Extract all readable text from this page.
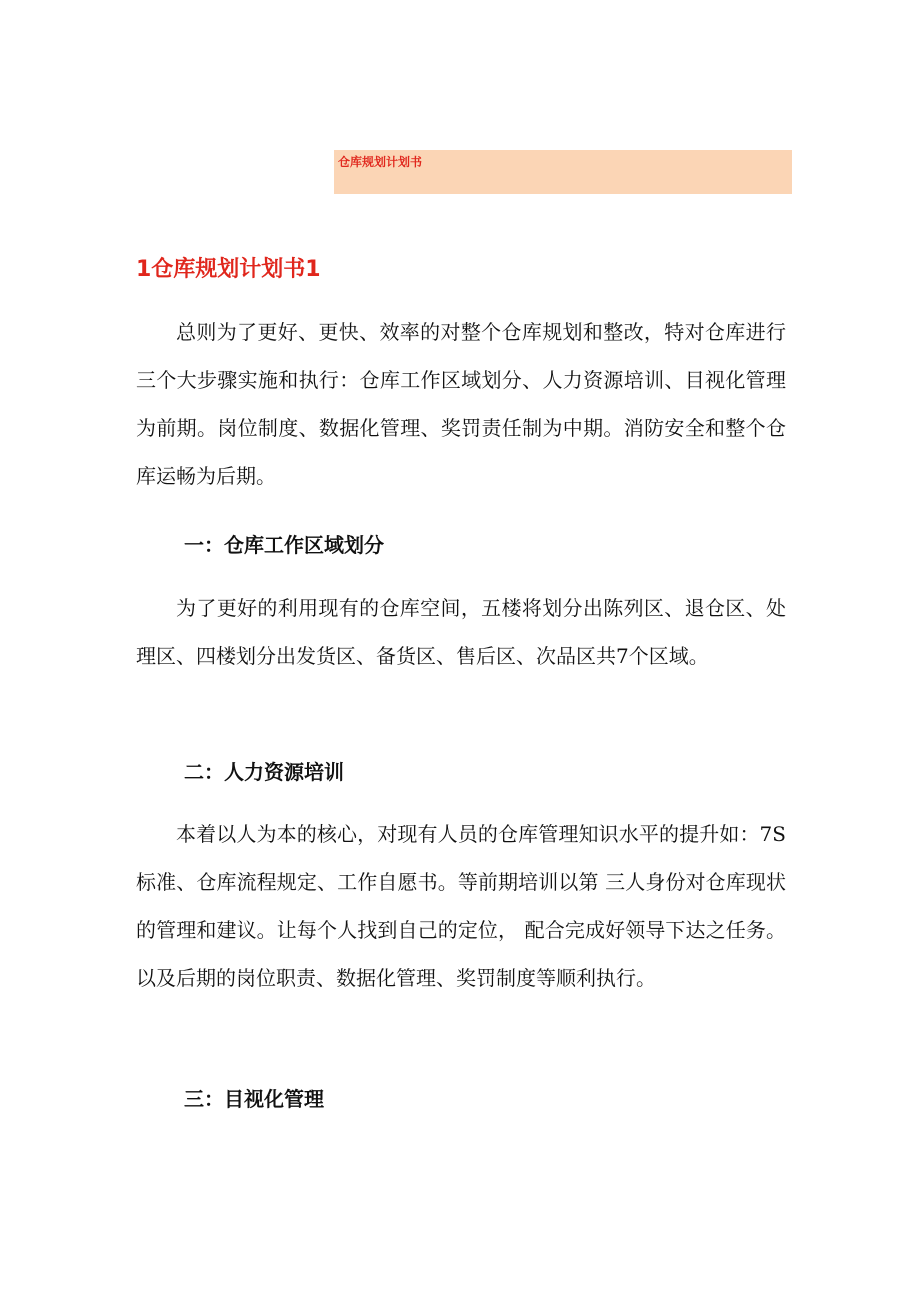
仓库规划计划书
1仓库规划计划书1

总则为了更好、更快、效率的对整个仓库规划和整改，特对仓库进行三个大步骤实施和执行：仓库工作区域划分、人力资源培训、目视化管理为前期。岗位制度、数据化管理、奖罚责任制为中期。消防安全和整个仓库运畅为后期。

一：仓库工作区域划分

为了更好的利用现有的仓库空间，五楼将划分出陈列区、退仓区、处理区、四楼划分出发货区、备货区、售后区、次品区共7个区域。

二：人力资源培训

本着以人为本的核心，对现有人员的仓库管理知识水平的提升如：7S标准、仓库流程规定、工作自愿书。等前期培训以第 三人身份对仓库现状的管理和建议。让每个人找到自己的定位， 配合完成好领导下达之任务。以及后期的岗位职责、数据化管理、奖罚制度等顺利执行。

三：目视化管理
